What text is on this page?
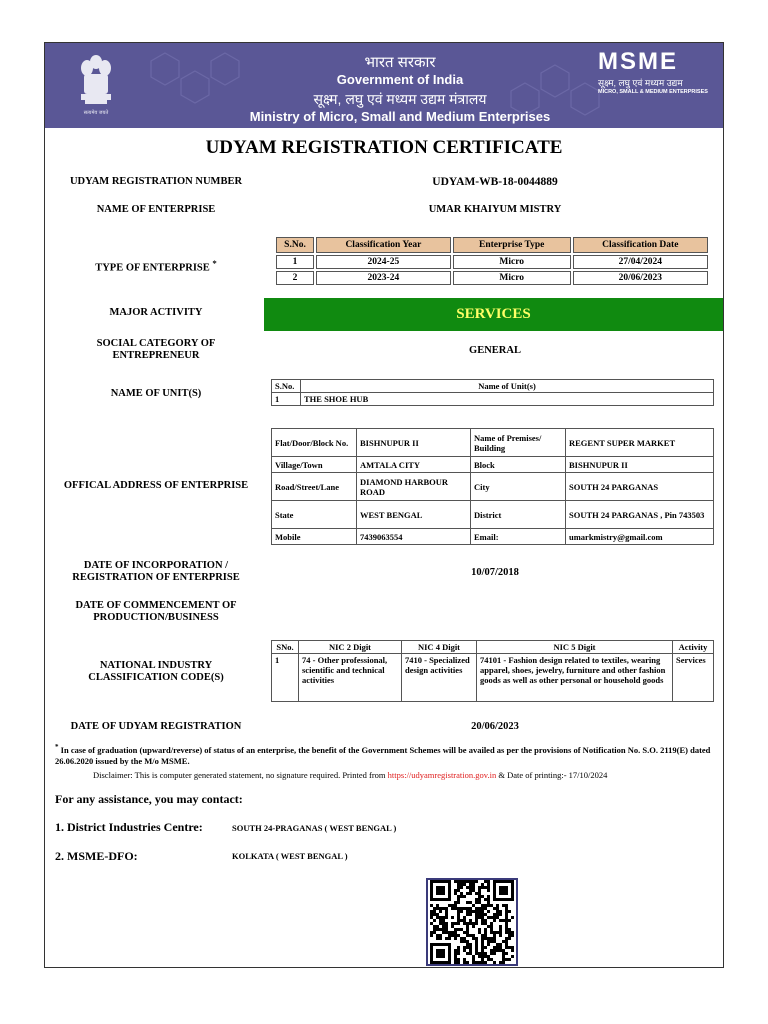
सत्यमेव जयते
भारत सरकार
Government of India
सूक्ष्म, लघु एवं मध्यम उद्यम मंत्रालय
Ministry of Micro, Small and Medium Enterprises
MSME
सूक्ष्म, लघु एवं मध्यम उद्यम
MICRO, SMALL & MEDIUM ENTERPRISES
UDYAM REGISTRATION CERTIFICATE
UDYAM REGISTRATION NUMBER	UDYAM-WB-18-0044889
NAME OF ENTERPRISE	UMAR KHAIYUM MISTRY
TYPE OF ENTERPRISE *
S.No.	Classification Year	Enterprise Type	Classification Date
1	2024-25	Micro	27/04/2024
2	2023-24	Micro	20/06/2023
MAJOR ACTIVITY	SERVICES
SOCIAL CATEGORY OF
ENTREPRENEUR	GENERAL
NAME OF UNIT(S)
S.No.	Name of Unit(s)
1	THE SHOE HUB
OFFICAL ADDRESS OF ENTERPRISE
Flat/Door/Block No.	BISHNUPUR II	Name of Premises/ Building	REGENT SUPER MARKET
Village/Town	AMTALA CITY	Block	BISHNUPUR II
Road/Street/Lane	DIAMOND HARBOUR ROAD	City	SOUTH 24 PARGANAS
State	WEST BENGAL	District	SOUTH 24 PARGANAS , Pin 743503
Mobile	7439063554	Email:	umarkmistry@gmail.com
DATE OF INCORPORATION /
REGISTRATION OF ENTERPRISE	10/07/2018
DATE OF COMMENCEMENT OF
PRODUCTION/BUSINESS
NATIONAL INDUSTRY
CLASSIFICATION CODE(S)
SNo.	NIC 2 Digit	NIC 4 Digit	NIC 5 Digit	Activity
1	74 - Other professional, scientific and technical activities	7410 - Specialized design activities	74101 - Fashion design related to textiles, wearing apparel, shoes, jewelry, furniture and other fashion goods as well as other personal or household goods	Services
DATE OF UDYAM REGISTRATION	20/06/2023
* In case of graduation (upward/reverse) of status of an enterprise, the benefit of the Government Schemes will be availed as per the provisions of Notification No. S.O. 2119(E) dated 26.06.2020 issued by the M/o MSME.
Disclaimer: This is computer generated statement, no signature required. Printed from https://udyamregistration.gov.in & Date of printing:- 17/10/2024
For any assistance, you may contact:
1. District Industries Centre:	SOUTH 24-PRAGANAS ( WEST BENGAL )
2. MSME-DFO:	KOLKATA ( WEST BENGAL )
